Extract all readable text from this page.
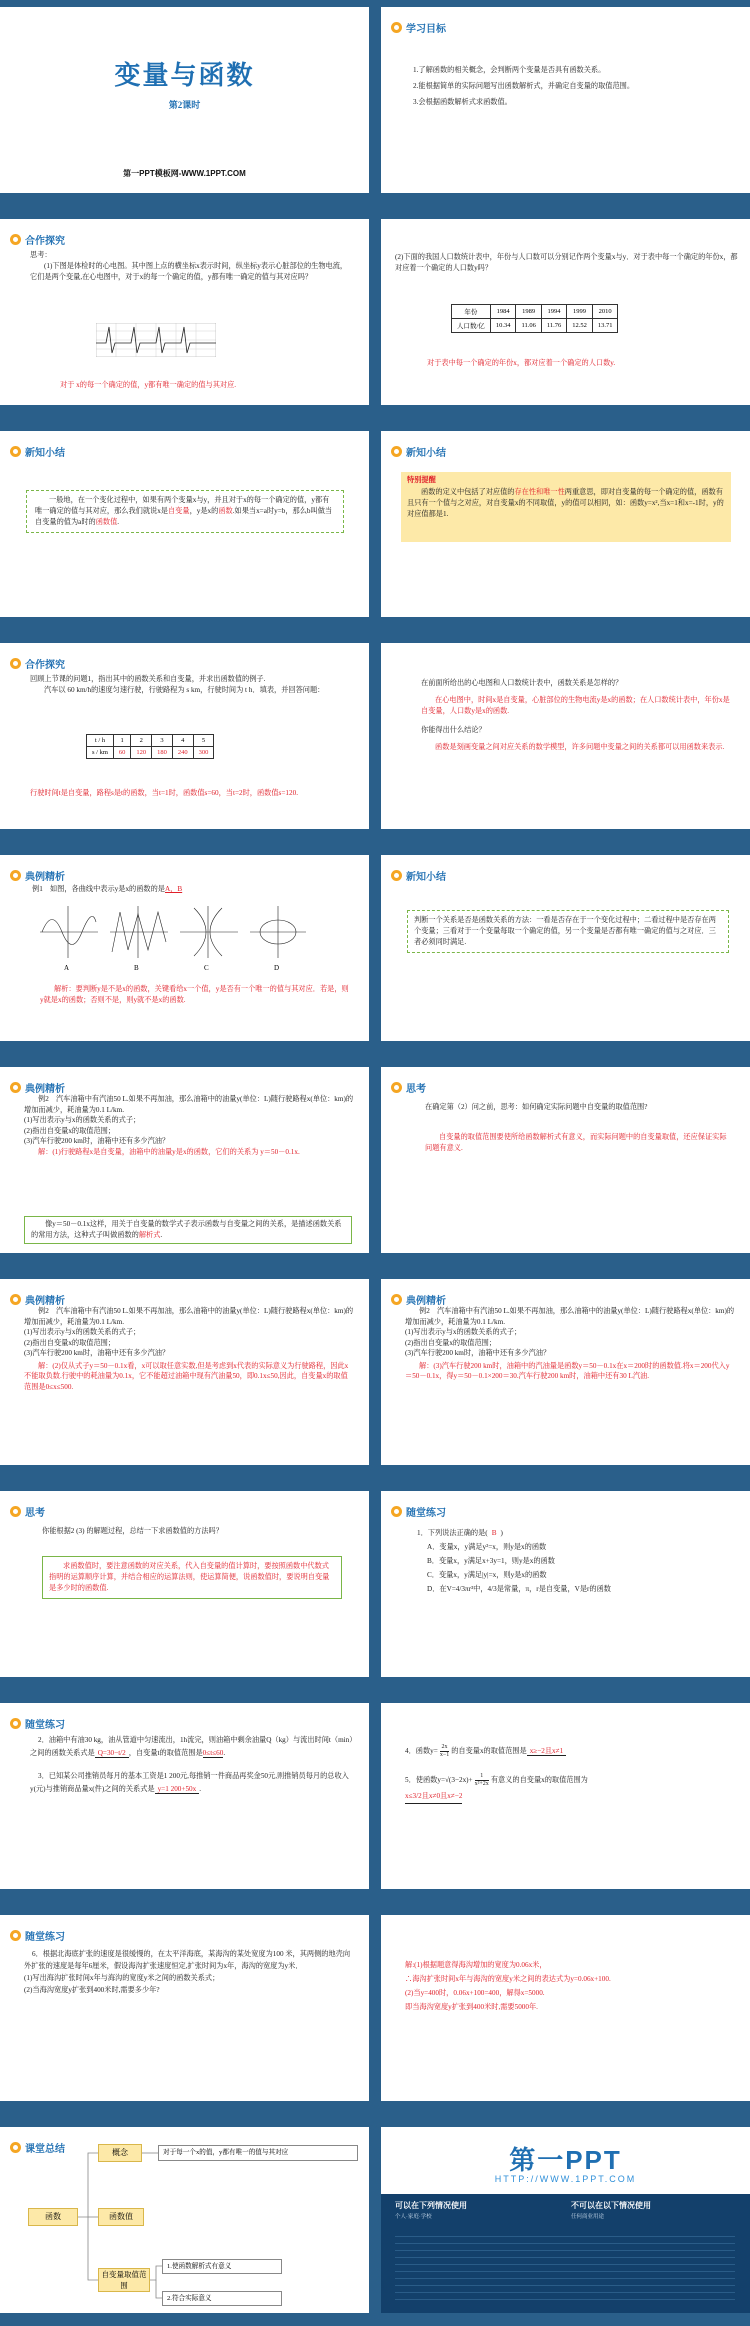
变量与函数
第2课时
第一PPT模板网-WWW.1PPT.COM
学习目标

1.了解函数的相关概念，会判断两个变量是否具有函数关系。

2.能根据简单的实际问题写出函数解析式，并确定自变量的取值范围。

3.会根据函数解析式求函数值。

合作探究

思考：

(1)下图是体检时的心电图。其中图上点的横坐标x表示时间，纵坐标y表示心脏部位的生物电流，它们是两个变量,在心电图中，对于x的每一个确定的值，y都有唯一确定的值与其对应吗？

对于 x的每一个确定的值，y都有唯一确定的值与其对应.
(2)下面的我国人口数统计表中，年份与人口数可以分别记作两个变量x与y．对于表中每一个确定的年份x，都对应着一个确定的人口数y吗？
年份	1984	1989	1994	1999	2010
人口数/亿	10.34	11.06	11.76	12.52	13.71
对于表中每一个确定的年份x，都对应着一个确定的人口数y.
新知小结
一般地，在一个变化过程中，如果有两个变量x与y，并且对于x的每一个确定的值，y都有唯一确定的值与其对应，那么我们就说x是自变量，y是x的函数.如果当x=a时y=b，那么b叫做当自变量的值为a时的函数值.
新知小结
特别提醒
函数的定义中包括了对应值的存在性和唯一性两重意思，即对自变量的每一个确定的值，函数有且只有一个值与之对应，对自变量x的不同取值，y的值可以相同，如：函数y=x²,当x=1和x=-1时，y的对应值都是1.
合作探究

回顾上节课的问题1，指出其中的函数关系和自变量，并求出函数值的例子.

汽车以 60 km/h的速度匀速行驶，行驶路程为 s km，行驶时间为 t h．填表，并回答问题：

t / h	1	2	3	4	5
s / km	60	120	180	240	300
行驶时间t是自变量，路程s是t的函数，当t=1时，函数值s=60，当t=2时，函数值s=120.

在前面所给出的心电图和人口数统计表中，函数关系是怎样的？

在心电图中，时间x是自变量，心脏部位的生物电流y是x的函数；在人口数统计表中，年份x是自变量，人口数y是x的函数.

你能得出什么结论？

函数是刻画变量之间对应关系的数学模型，许多问题中变量之间的关系都可以用函数来表示.

典例精析
例1　如图，各曲线中表示y是x的函数的是A，B
A	B	C	D
解析：要判断y是不是x的函数，关键看给x一个值，y是否有一个唯一的值与其对应．若是，则y就是x的函数；否则不是，则y就不是x的函数.
新知小结
判断一个关系是否是函数关系的方法：一看是否存在于一个变化过程中；二看过程中是否存在两个变量；三看对于一个变量每取一个确定的值，另一个变量是否都有唯一确定的值与之对应．三者必须同时满足.
典例精析

例2　汽车油箱中有汽油50 L.如果不再加油，那么油箱中的油量y(单位：L)随行驶路程x(单位：km)的增加而减少，耗油量为0.1 L/km.

(1)写出表示y与x的函数关系的式子；

(2)指出自变量x的取值范围；

(3)汽车行驶200 km时，油箱中还有多少汽油？

解：(1)行驶路程x是自变量，油箱中的油量y是x的函数，它们的关系为 y＝50－0.1x.

像y＝50－0.1x这样，用关于自变量的数学式子表示函数与自变量之间的关系，是描述函数关系的常用方法，这种式子叫做函数的解析式.
思考
在确定第（2）问之前，思考：如何确定实际问题中自变量的取值范围?
自变量的取值范围要使所给函数解析式有意义，而实际问题中的自变量取值，还应保证实际问题有意义.
典例精析

例2　汽车油箱中有汽油50 L.如果不再加油，那么油箱中的油量y(单位：L)随行驶路程x(单位：km)的增加而减少，耗油量为0.1 L/km.

(1)写出表示y与x的函数关系的式子；

(2)指出自变量x的取值范围；

(3)汽车行驶200 km时，油箱中还有多少汽油？

解：(2)仅从式子y＝50－0.1x看，x可以取任意实数,但是考虑到x代表的实际意义为行驶路程，因此x不能取负数.行驶中的耗油量为0.1x，它不能超过油箱中现有汽油量50，即0.1x≤50,因此，自变量x的取值范围是0≤x≤500.

典例精析

例2　汽车油箱中有汽油50 L.如果不再加油，那么油箱中的油量y(单位：L)随行驶路程x(单位：km)的增加而减少，耗油量为0.1 L/km.

(1)写出表示y与x的函数关系的式子；

(2)指出自变量x的取值范围；

(3)汽车行驶200 km时，油箱中还有多少汽油？

解：(3)汽车行驶200 km时，油箱中的汽油量是函数y＝50－0.1x在x＝200时的函数值.将x＝200代入y＝50－0.1x，得y＝50－0.1×200＝30.汽车行驶200 km时，油箱中还有30 L汽油.

思考
你能根据2 (3) 的解题过程，总结一下求函数值的方法吗？
求函数值时，要注意函数的对应关系，代入自变量的值计算时，要按照函数中代数式指明的运算顺序计算，并结合相应的运算法则，使运算简便，说函数值时，要说明自变量是多少时的函数值.
随堂练习

1．下列说法正确的是( B )

A．变量x，y满足y²=x，则y是x的函数

B．变量x，y满足x+3y=1，则y是x的函数

C．变量x，y满足|y|=x，则y是x的函数

D．在V=4/3πr³中，4/3是常量，π，r是自变量，V是r的函数

随堂练习

2．油箱中有油30 kg，油从管道中匀速流出，1h流完，则油箱中剩余油量Q（kg）与流出时间t（min）之间的函数关系式是 Q=30−t/2 ，自变量t的取值范围是0≤t≤60.

3．已知某公司推销员每月的基本工资是1 200元,每推销一件商品再奖金50元,则推销员每月的总收入y(元)与推销商品量x(件)之间的关系式是 y=1 200+50x .

4．函数$y= \frac{2x}{x-1}$ 的自变量x的取值范围是 x≥−2且x≠1

5．使函数$y=√(3-2x)+ \frac{1}{\text{x²+2x}}$ 有意义的自变量x的取值范围为

x≤3/2且x≠0且x≠−2

随堂练习

6．根据北海底扩张的速度是很缓慢的，在太平洋海底，某海沟的某处宽度为100 米，其两侧的地壳向外扩张的速度是每年6厘米，假设海沟扩张速度恒定,扩张时间为x年，海沟的宽度为y米．

(1)写出海沟扩张时间x年与海沟的宽度y米之间的函数关系式；

(2)当海沟宽度y扩张到400米时,需要多少年?

解:(1)根据题意得海沟增加的宽度为0.06x米，

∴海沟扩张时间x年与海沟的宽度y米之间的表达式为y=0.06x+100.

(2)当y=400时，0.06x+100=400，解得x=5000.

即当海沟宽度y扩张到400米时,需要5000年.

课堂总结
函数
概念	对于每一个x的值，y都有唯一的值与其对应
函数值
自变量取值范围
1.使函数解析式有意义
2.符合实际意义
第一PPT
HTTP://WWW.1PPT.COM
可以在下列情况使用
个人·家庭·学校
不可以在以下情况使用
任何商业用途
